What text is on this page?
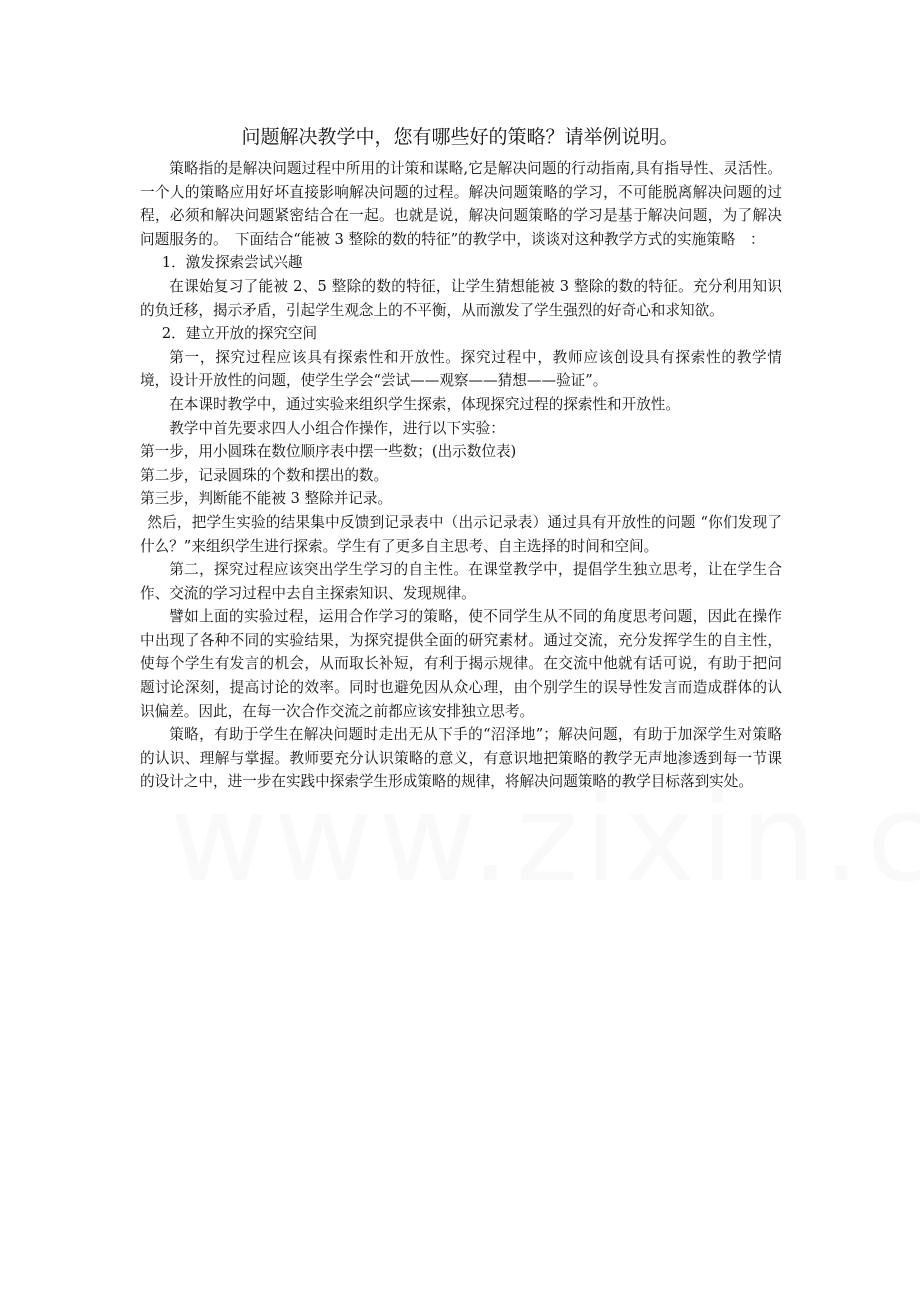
问题解决教学中，您有哪些好的策略？请举例说明。

策略指的是解决问题过程中所用的计策和谋略,它是解决问题的行动指南,具有指导性、灵活性。一个人的策略应用好坏直接影响解决问题的过程。解决问题策略的学习，不可能脱离解决问题的过程，必须和解决问题紧密结合在一起。也就是说，解决问题策略的学习是基于解决问题，为了解决问题服务的。　下面结合“能被 3 整除的数的特征”的教学中，谈谈对这种教学方式的实施策略　：

1．激发探索尝试兴趣

在课始复习了能被 2、5 整除的数的特征，让学生猜想能被 3 整除的数的特征。充分利用知识的负迁移，揭示矛盾，引起学生观念上的不平衡，从而激发了学生强烈的好奇心和求知欲。

2．建立开放的探究空间

第一，探究过程应该具有探索性和开放性。探究过程中，教师应该创设具有探索性的教学情境，设计开放性的问题，使学生学会“尝试——观察——猜想——验证”。

在本课时教学中，通过实验来组织学生探索，体现探究过程的探索性和开放性。

教学中首先要求四人小组合作操作，进行以下实验：

第一步，用小圆珠在数位顺序表中摆一些数；(出示数位表)

第二步，记录圆珠的个数和摆出的数。

第三步，判断能不能被 3 整除并记录。

然后，把学生实验的结果集中反馈到记录表中（出示记录表）通过具有开放性的问题 “你们发现了什么？”来组织学生进行探索。学生有了更多自主思考、自主选择的时间和空间。

第二，探究过程应该突出学生学习的自主性。在课堂教学中，提倡学生独立思考，让在学生合作、交流的学习过程中去自主探索知识、发现规律。

譬如上面的实验过程，运用合作学习的策略，使不同学生从不同的角度思考问题，因此在操作中出现了各种不同的实验结果，为探究提供全面的研究素材。通过交流，充分发挥学生的自主性，使每个学生有发言的机会，从而取长补短，有利于揭示规律。在交流中他就有话可说，有助于把问题讨论深刻，提高讨论的效率。同时也避免因从众心理，由个别学生的误导性发言而造成群体的认识偏差。因此，在每一次合作交流之前都应该安排独立思考。

策略，有助于学生在解决问题时走出无从下手的“沼泽地”；解决问题，有助于加深学生对策略的认识、理解与掌握。教师要充分认识策略的意义，有意识地把策略的教学无声地渗透到每一节课的设计之中，进一步在实践中探索学生形成策略的规律，将解决问题策略的教学目标落到实处。
